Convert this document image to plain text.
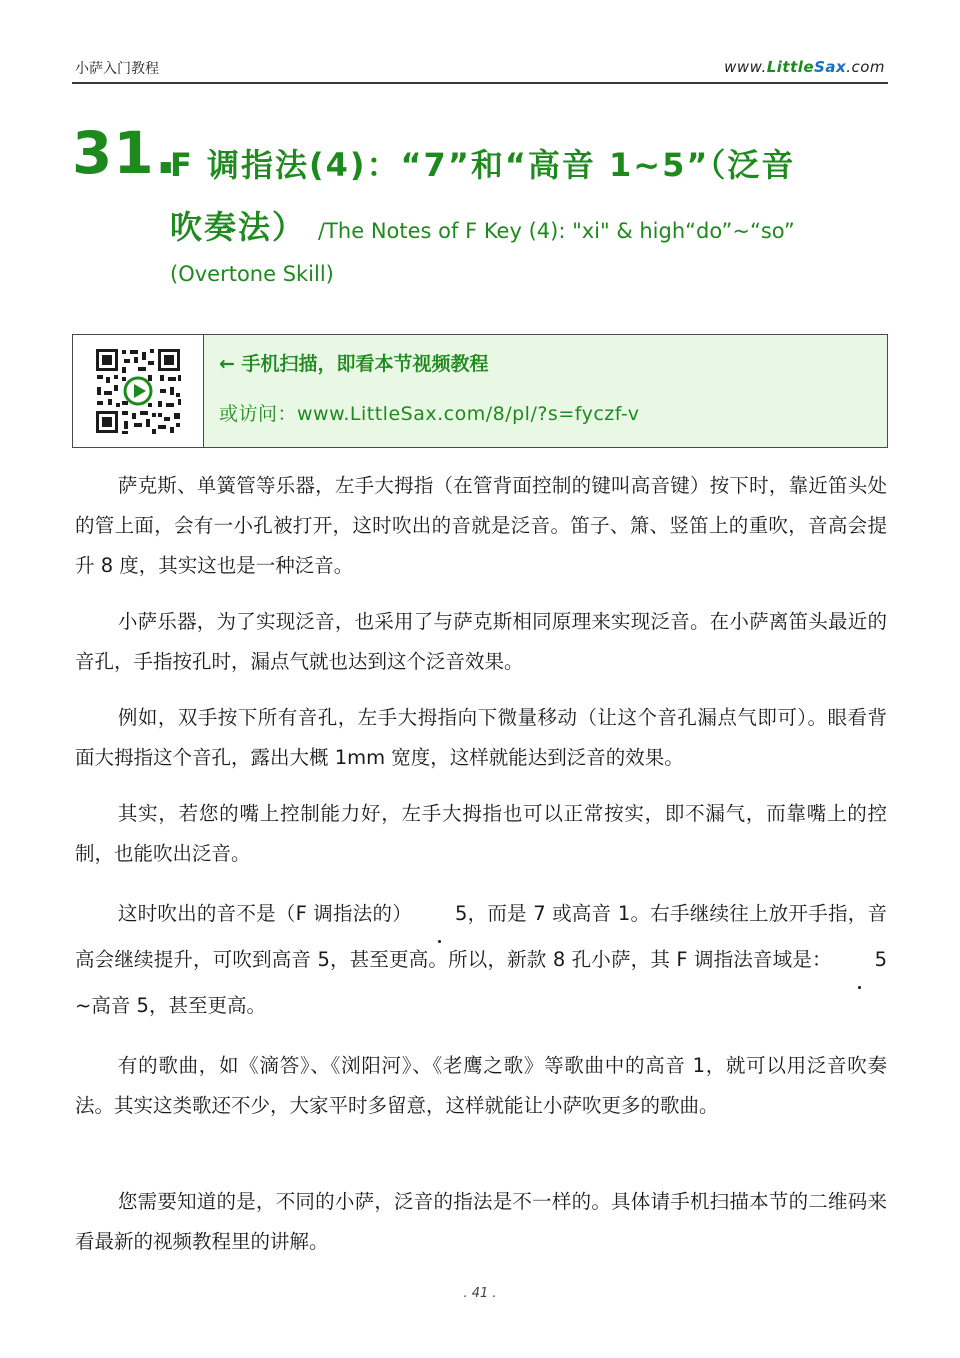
小萨入门教程	www.LittleSax.com
31.
F 调指法(4)：“7”和“高音 1~5”（泛音
吹奏法） /The Notes of F Key (4): "xi" & high“do”~“so”
(Overtone Skill)
← 手机扫描，即看本节视频教程
或访问：www.LittleSax.com/8/pl/?s=fyczf-v

萨克斯、单簧管等乐器，左手大拇指（在管背面控制的键叫高音键）按下时，靠近笛头处的管上面，会有一小孔被打开，这时吹出的音就是泛音。笛子、箫、竖笛上的重吹，音高会提升 8 度，其实这也是一种泛音。

小萨乐器，为了实现泛音，也采用了与萨克斯相同原理来实现泛音。在小萨离笛头最近的音孔，手指按孔时，漏点气就也达到这个泛音效果。

例如，双手按下所有音孔，左手大拇指向下微量移动（让这个音孔漏点气即可）。眼看背面大拇指这个音孔，露出大概 1mm 宽度，这样就能达到泛音的效果。

其实，若您的嘴上控制能力好，左手大拇指也可以正常按实，即不漏气，而靠嘴上的控制，也能吹出泛音。

这时吹出的音不是（F 调指法的） 5，而是 7 或高音 1。右手继续往上放开手指，音高会继续提升，可吹到高音 5，甚至更高。所以，新款 8 孔小萨，其 F 调指法音域是： 5~高音 5，甚至更高。

有的歌曲，如《滴答》、《浏阳河》、《老鹰之歌》等歌曲中的高音 1，就可以用泛音吹奏法。其实这类歌还不少，大家平时多留意，这样就能让小萨吹更多的歌曲。

您需要知道的是，不同的小萨，泛音的指法是不一样的。具体请手机扫描本节的二维码来看最新的视频教程里的讲解。

. 41 .
